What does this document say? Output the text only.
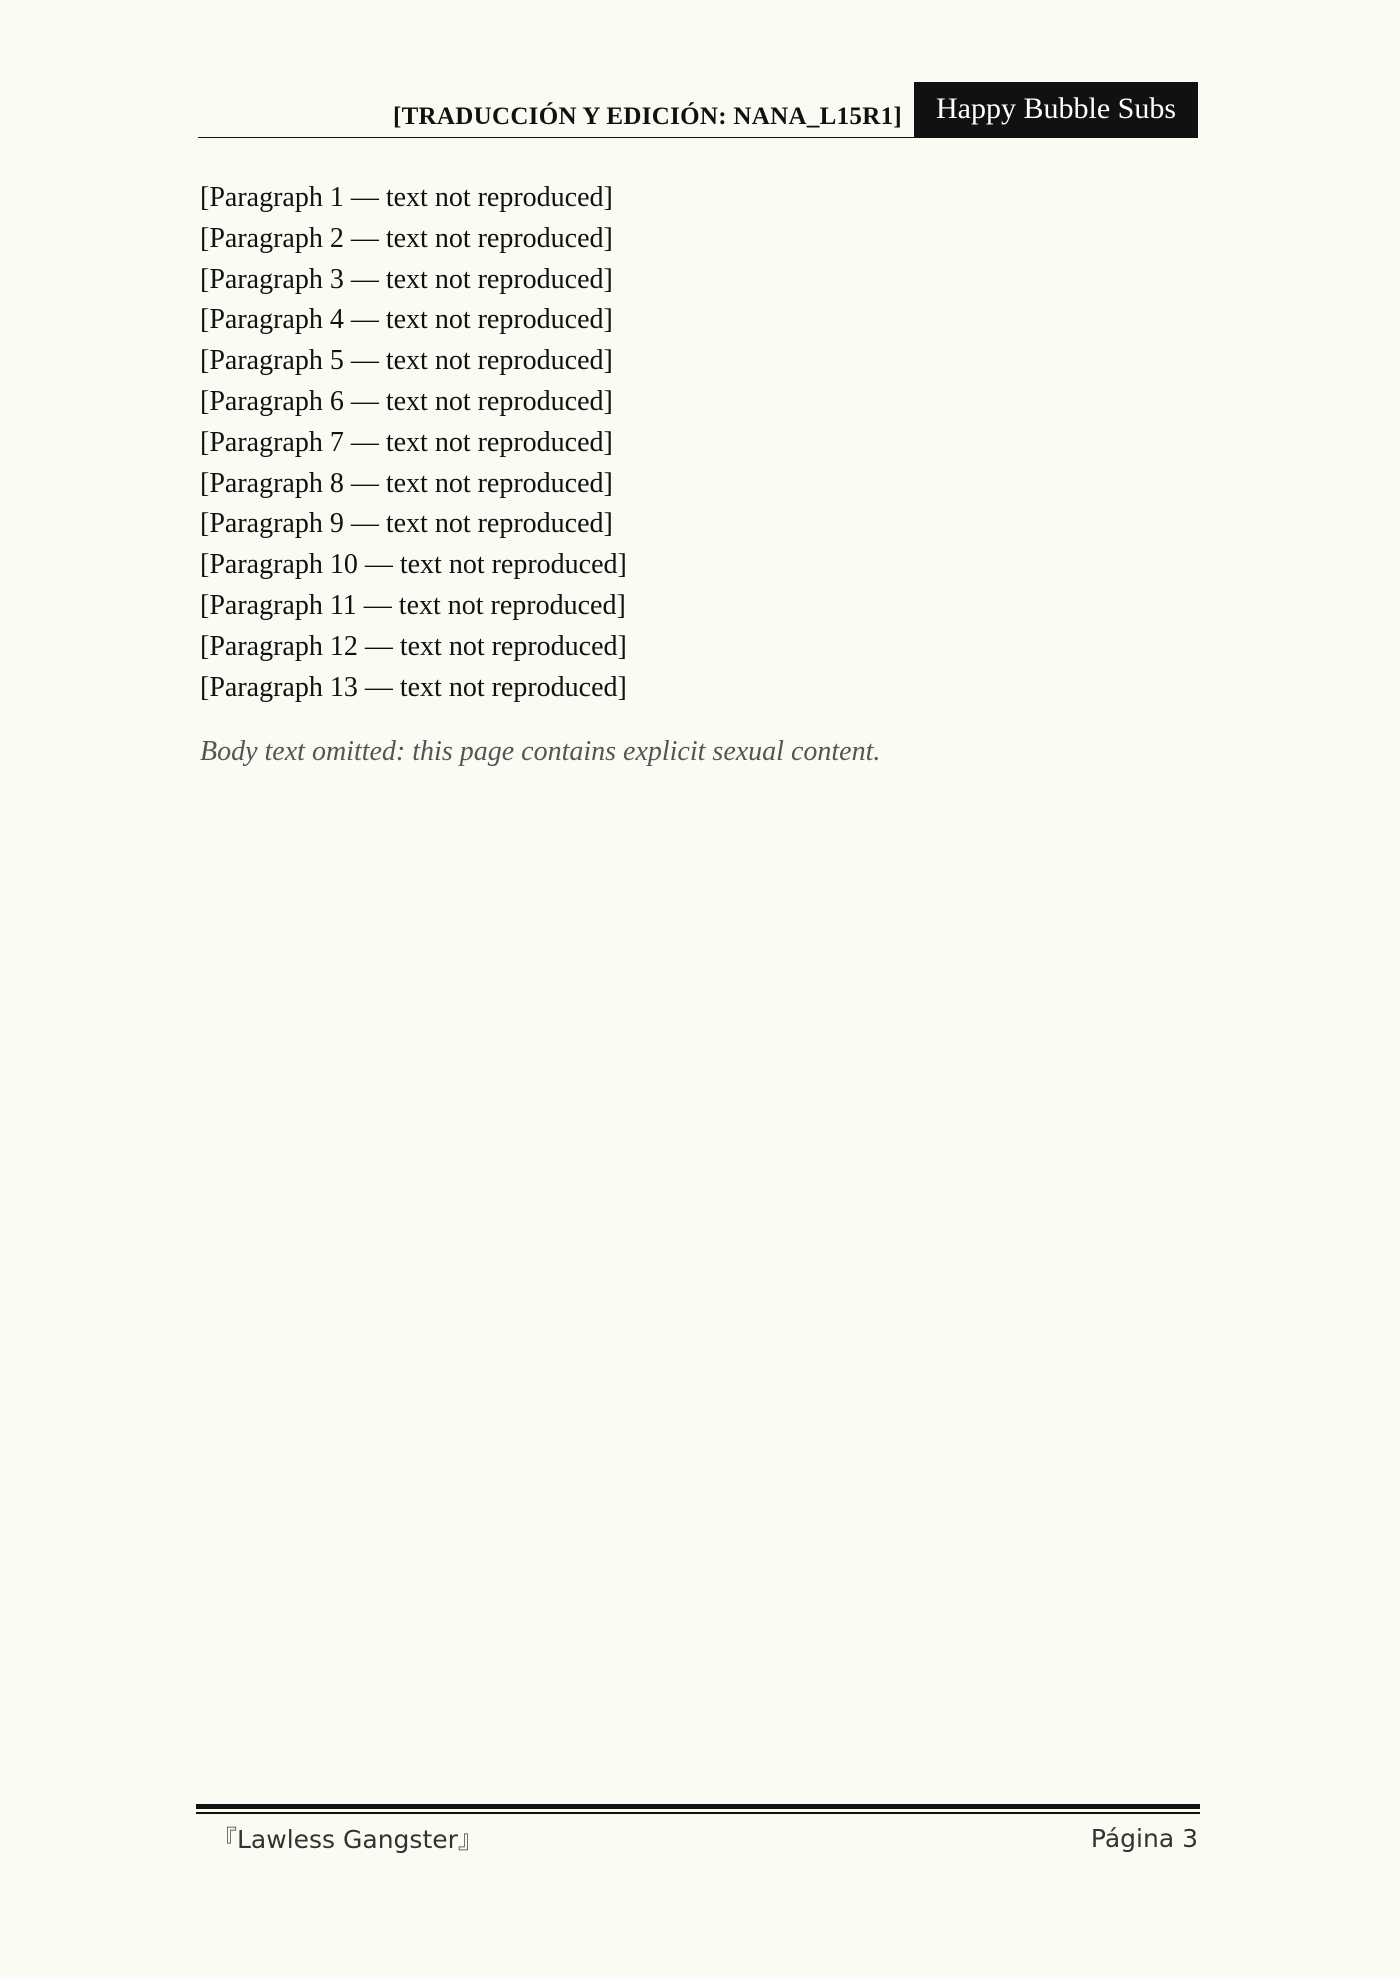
[TRADUCCIÓN Y EDICIÓN: NANA_L15R1]	Happy Bubble Subs

[Paragraph 1 — text not reproduced]

[Paragraph 2 — text not reproduced]

[Paragraph 3 — text not reproduced]

[Paragraph 4 — text not reproduced]

[Paragraph 5 — text not reproduced]

[Paragraph 6 — text not reproduced]

[Paragraph 7 — text not reproduced]

[Paragraph 8 — text not reproduced]

[Paragraph 9 — text not reproduced]

[Paragraph 10 — text not reproduced]

[Paragraph 11 — text not reproduced]

[Paragraph 12 — text not reproduced]

[Paragraph 13 — text not reproduced]

Body text omitted: this page contains explicit sexual content.

『Lawless Gangster』	Página 3
